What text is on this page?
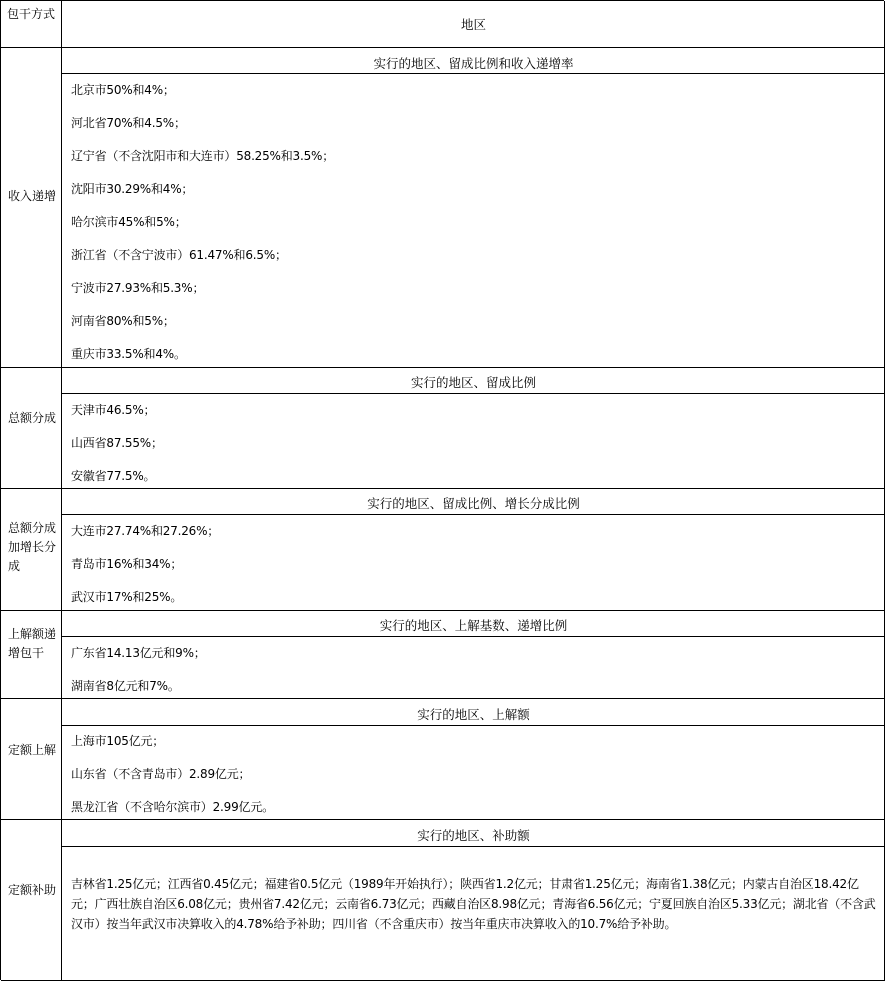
包干方式
地区
实行的地区、留成比例和收入递增率
收入递增
北京市50%和4%；
河北省70%和4.5%；
辽宁省（不含沈阳市和大连市）58.25%和3.5%；
沈阳市30.29%和4%；
哈尔滨市45%和5%；
浙江省（不含宁波市）61.47%和6.5%；
宁波市27.93%和5.3%；
河南省80%和5%；
重庆市33.5%和4%。
实行的地区、留成比例
总额分成
天津市46.5%；
山西省87.55%；
安徽省77.5%。
实行的地区、留成比例、增长分成比例
总额分成加增长分成
大连市27.74%和27.26%；
青岛市16%和34%；
武汉市17%和25%。
实行的地区、上解基数、递增比例
上解额递增包干	广东省14.13亿元和9%；
湖南省8亿元和7%。
实行的地区、上解额
定额上解
上海市105亿元；
山东省（不含青岛市）2.89亿元；
黑龙江省（不含哈尔滨市）2.99亿元。
实行的地区、补助额
定额补助 吉林省1.25亿元；江西省0.45亿元；福建省0.5亿元（1989年开始执行）；陕西省1.2亿元；甘肃省1.25亿元；海南省1.38亿元；内蒙古自治区18.42亿元；广西壮族自治区6.08亿元；贵州省7.42亿元；云南省6.73亿元；西藏自治区8.98亿元；青海省6.56亿元；宁夏回族自治区5.33亿元；湖北省（不含武汉市）按当年武汉市决算收入的4.78%给予补助；四川省（不含重庆市）按当年重庆市决算收入的10.7%给予补助。
